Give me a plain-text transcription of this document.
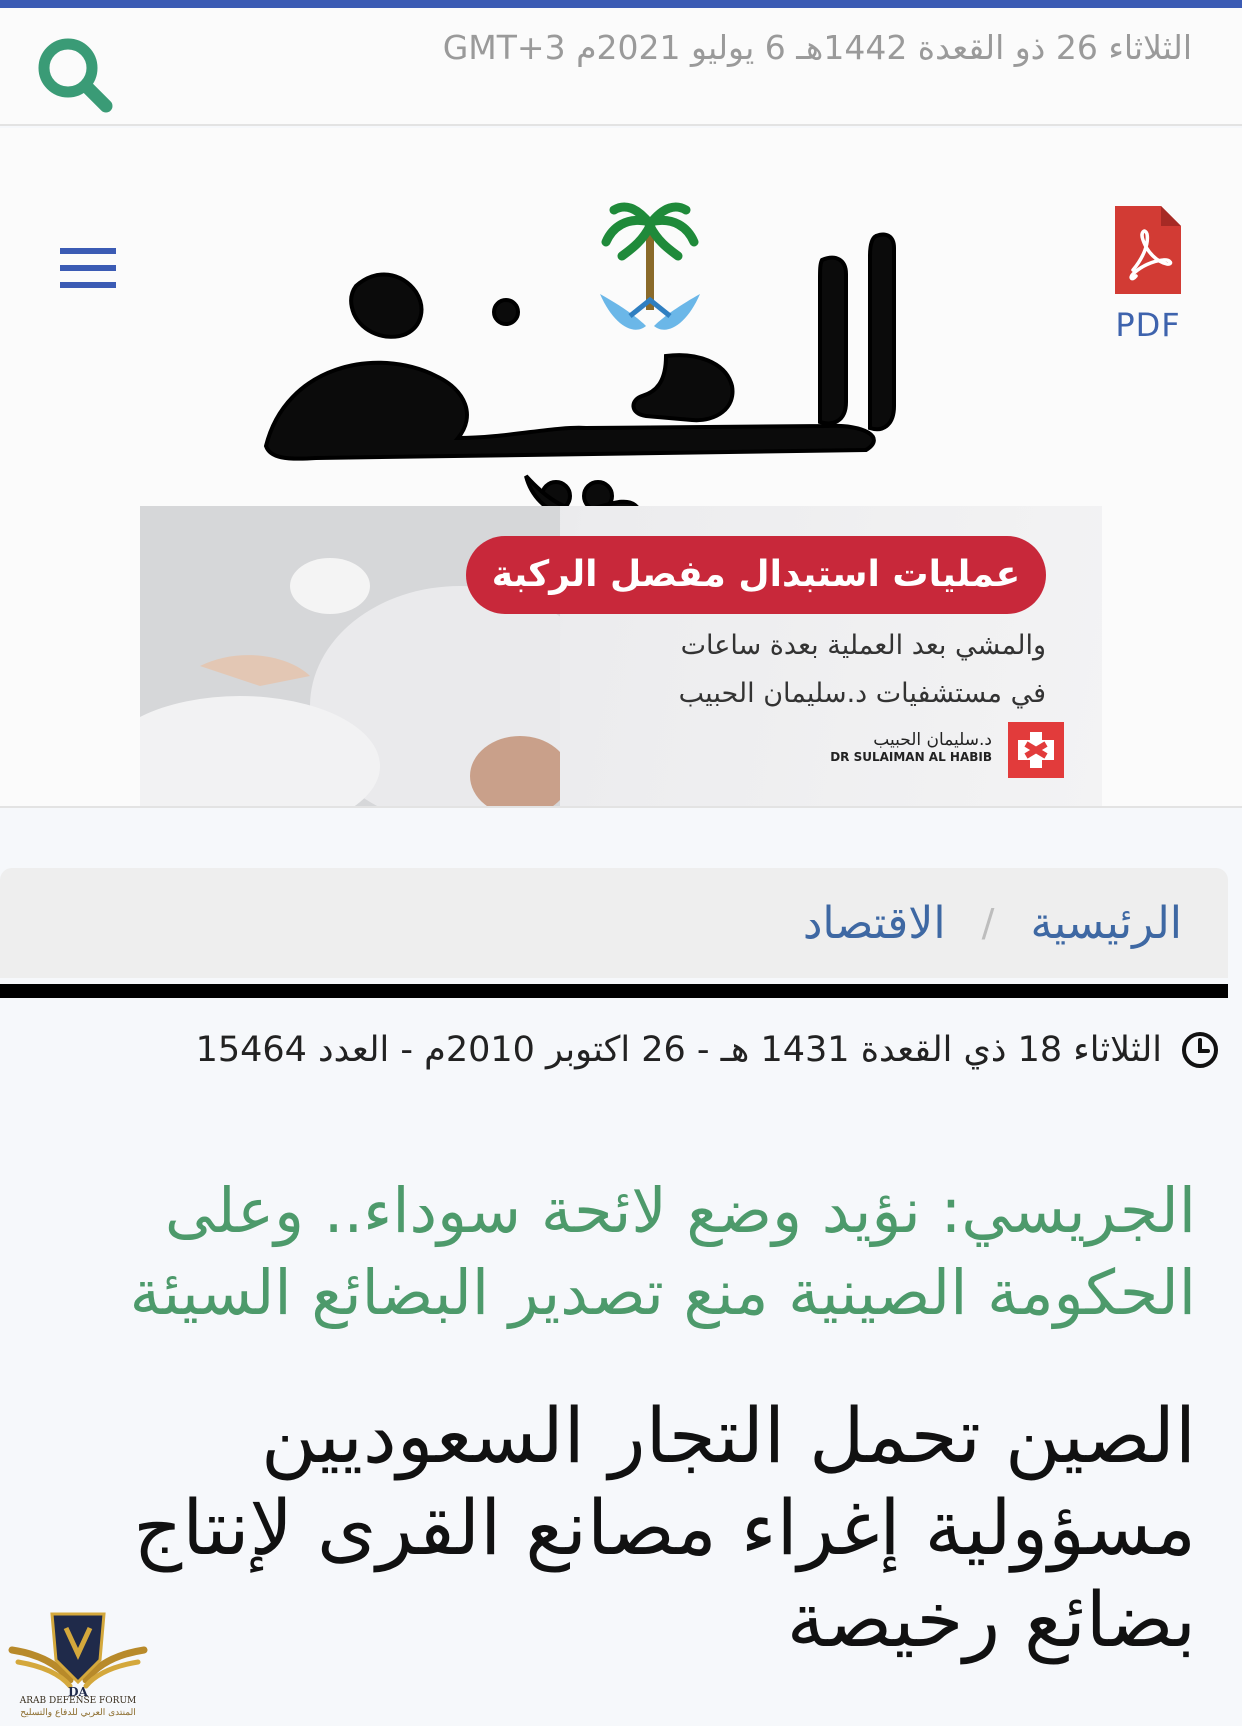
الثلاثاء 26 ذو القعدة 1442هـ 6 يوليو 2021م GMT+3
PDF
عمليات استبدال مفصل الركبة
والمشي بعد العملية بعدة ساعات
في مستشفيات د.سليمان الحبيب
د.سليمان الحبيب
DR SULAIMAN AL HABIB
الرئيسية
/
الاقتصاد
الثلاثاء 18 ذي القعدة 1431 هـ - 26 اكتوبر 2010م - العدد 15464
الجريسي: نؤيد وضع لائحة سوداء.. وعلى الحكومة الصينية منع تصدير البضائع السيئة
الصين تحمل التجار السعوديين مسؤولية إغراء مصانع القرى لإنتاج بضائع رخيصة
DA
ARAB DEFENSE FORUM
المنتدى العربي للدفاع والتسليح
